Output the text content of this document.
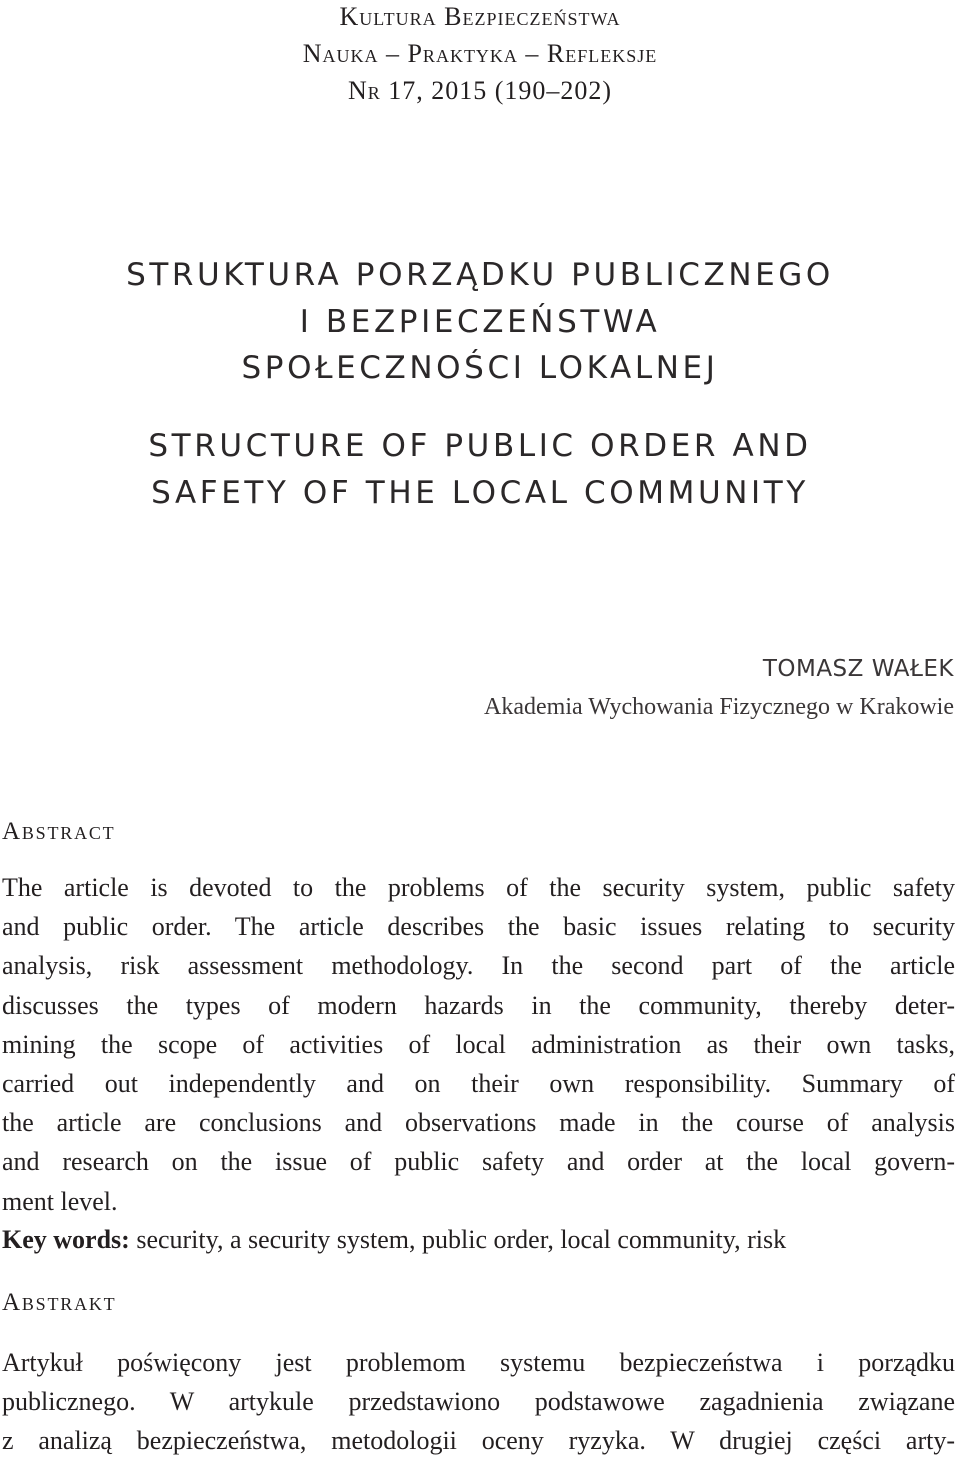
Kultura Bezpieczeństwa
Nauka – Praktyka – Refleksje
Nr 17, 2015 (190–202)
STRUKTURA PORZĄDKU PUBLICZNEGO
I BEZPIECZEŃSTWA
SPOŁECZNOŚCI LOKALNEJ
STRUCTURE OF PUBLIC ORDER AND
SAFETY OF THE LOCAL COMMUNITY
TOMASZ WAŁEK
Akademia Wychowania Fizycznego w Krakowie
Abstract
The article is devoted to the problems of the security system, public safety
and public order. The article describes the basic issues relating to security
analysis, risk assessment methodology. In the second part of the article
discusses the types of modern hazards in the community, thereby deter-
mining the scope of activities of local administration as their own tasks,
carried out independently and on their own responsibility. Summary of
the article are conclusions and observations made in the course of analysis
and research on the issue of public safety and order at the local govern-
ment level.
Key words: security, a security system, public order, local community, risk
Abstrakt
Artykuł poświęcony jest problemom systemu bezpieczeństwa i porządku
publicznego. W artykule przedstawiono podstawowe zagadnienia związane
z analizą bezpieczeństwa, metodologii oceny ryzyka. W drugiej części arty-
